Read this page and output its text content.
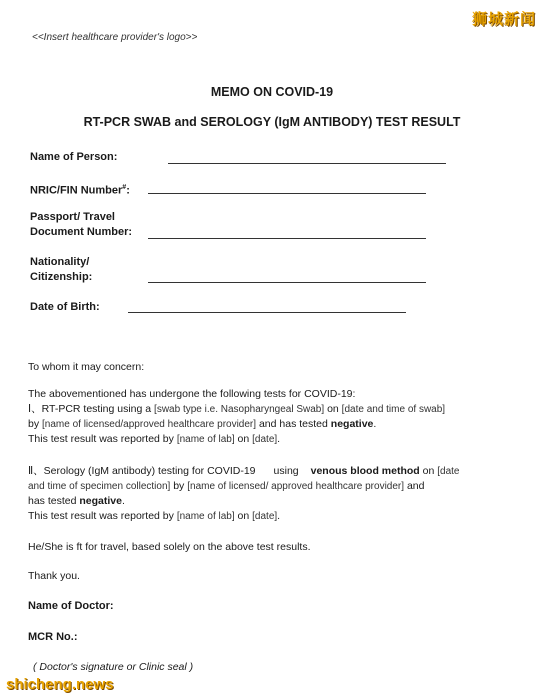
<<Insert healthcare provider's logo>>
狮城新闻
MEMO ON COVID-19
RT-PCR SWAB and SEROLOGY (IgM ANTIBODY) TEST RESULT
Name of Person:
NRIC/FIN Number#:
Passport/ Travel
Document Number:
Nationality/
Citizenship:
Date of Birth:
To whom it may concern:
The abovementioned has undergone the following tests for COVID-19:
Ⅰ、RT-PCR testing using a [swab type i.e. Nasopharyngeal Swab] on [date and time of swab]
by [name of licensed/approved healthcare provider] and has tested negative.
This test result was reported by [name of lab] on [date].
Ⅱ、Serology (IgM antibody) testing for COVID-19 using venous blood method on [date
and time of specimen collection] by [name of licensed/ approved healthcare provider] and
has tested negative.
This test result was reported by [name of lab] on [date].
He/She is ft for travel, based solely on the above test results.
Thank you.
Name of Doctor:
MCR No.:
( Doctor's signature or Clinic seal )
shicheng.news
